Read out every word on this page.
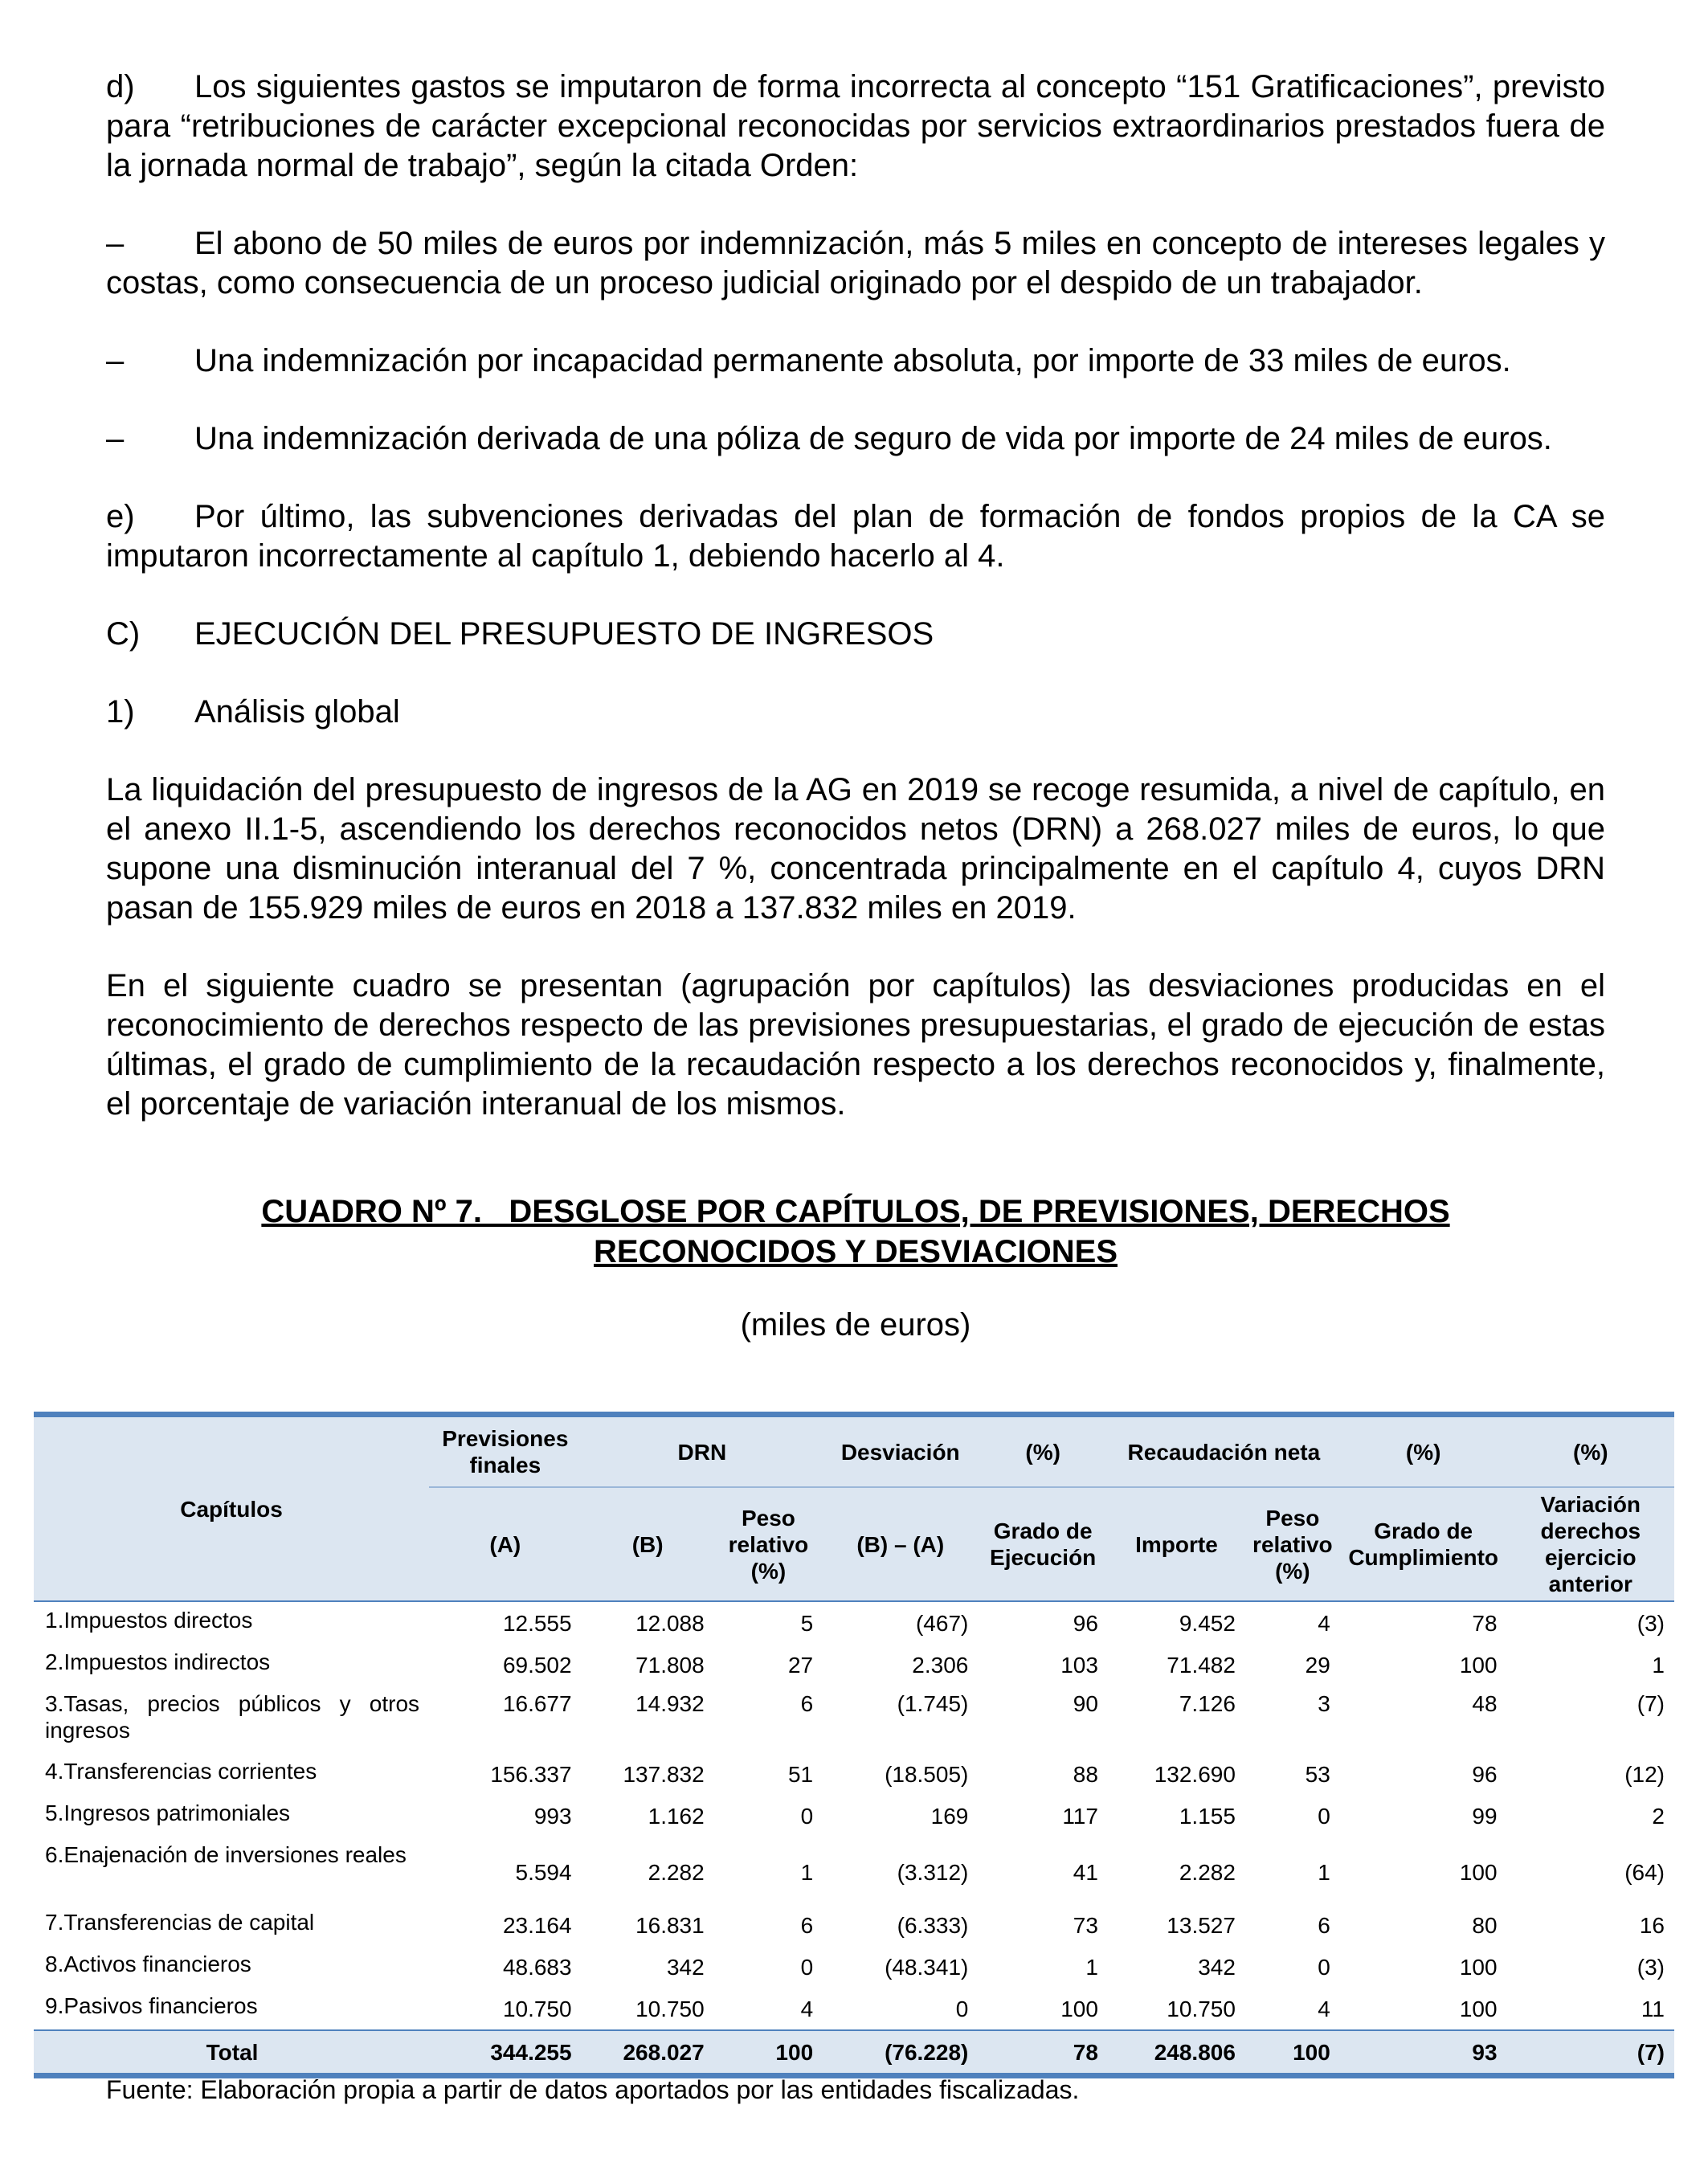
d) Los siguientes gastos se imputaron de forma incorrecta al concepto “151 Gratificaciones”, previsto para “retribuciones de carácter excepcional reconocidas por servicios extraordinarios prestados fuera de la jornada normal de trabajo”, según la citada Orden:

– El abono de 50 miles de euros por indemnización, más 5 miles en concepto de intereses legales y costas, como consecuencia de un proceso judicial originado por el despido de un trabajador.

– Una indemnización por incapacidad permanente absoluta, por importe de 33 miles de euros.

– Una indemnización derivada de una póliza de seguro de vida por importe de 24 miles de euros.

e) Por último, las subvenciones derivadas del plan de formación de fondos propios de la CA se imputaron incorrectamente al capítulo 1, debiendo hacerlo al 4.

C) EJECUCIÓN DEL PRESUPUESTO DE INGRESOS

1) Análisis global

La liquidación del presupuesto de ingresos de la AG en 2019 se recoge resumida, a nivel de capítulo, en el anexo II.1-5, ascendiendo los derechos reconocidos netos (DRN) a 268.027 miles de euros, lo que supone una disminución interanual del 7 %, concentrada principalmente en el capítulo 4, cuyos DRN pasan de 155.929 miles de euros en 2018 a 137.832 miles en 2019.

En el siguiente cuadro se presentan (agrupación por capítulos) las desviaciones producidas en el reconocimiento de derechos respecto de las previsiones presupuestarias, el grado de ejecución de estas últimas, el grado de cumplimiento de la recaudación respecto a los derechos reconocidos y, finalmente, el porcentaje de variación interanual de los mismos.

CUADRO Nº 7.   DESGLOSE POR CAPÍTULOS, DE PREVISIONES, DERECHOS
RECONOCIDOS Y DESVIACIONES
(miles de euros)
Capítulos	Previsiones finales	DRN		Desviación	(%)	Recaudación neta		(%)	(%)
	(A)	(B)	Peso relativo (%)	(B) – (A)	Grado de Ejecución	Importe	Peso relativo (%)	Grado de Cumplimiento	Variación derechos ejercicio anterior
1.Impuestos directos	12.555	12.088	5	(467)	96	9.452	4	78	(3)
2.Impuestos indirectos	69.502	71.808	27	2.306	103	71.482	29	100	1
3.Tasas, precios públicos y otros ingresos	16.677	14.932	6	(1.745)	90	7.126	3	48	(7)
4.Transferencias corrientes	156.337	137.832	51	(18.505)	88	132.690	53	96	(12)
5.Ingresos patrimoniales	993	1.162	0	169	117	1.155	0	99	2
6.Enajenación de inversiones reales	5.594	2.282	1	(3.312)	41	2.282	1	100	(64)
7.Transferencias de capital	23.164	16.831	6	(6.333)	73	13.527	6	80	16
8.Activos financieros	48.683	342	0	(48.341)	1	342	0	100	(3)
9.Pasivos financieros	10.750	10.750	4	0	100	10.750	4	100	11
Total	344.255	268.027	100	(76.228)	78	248.806	100	93	(7)
Fuente: Elaboración propia a partir de datos aportados por las entidades fiscalizadas.
